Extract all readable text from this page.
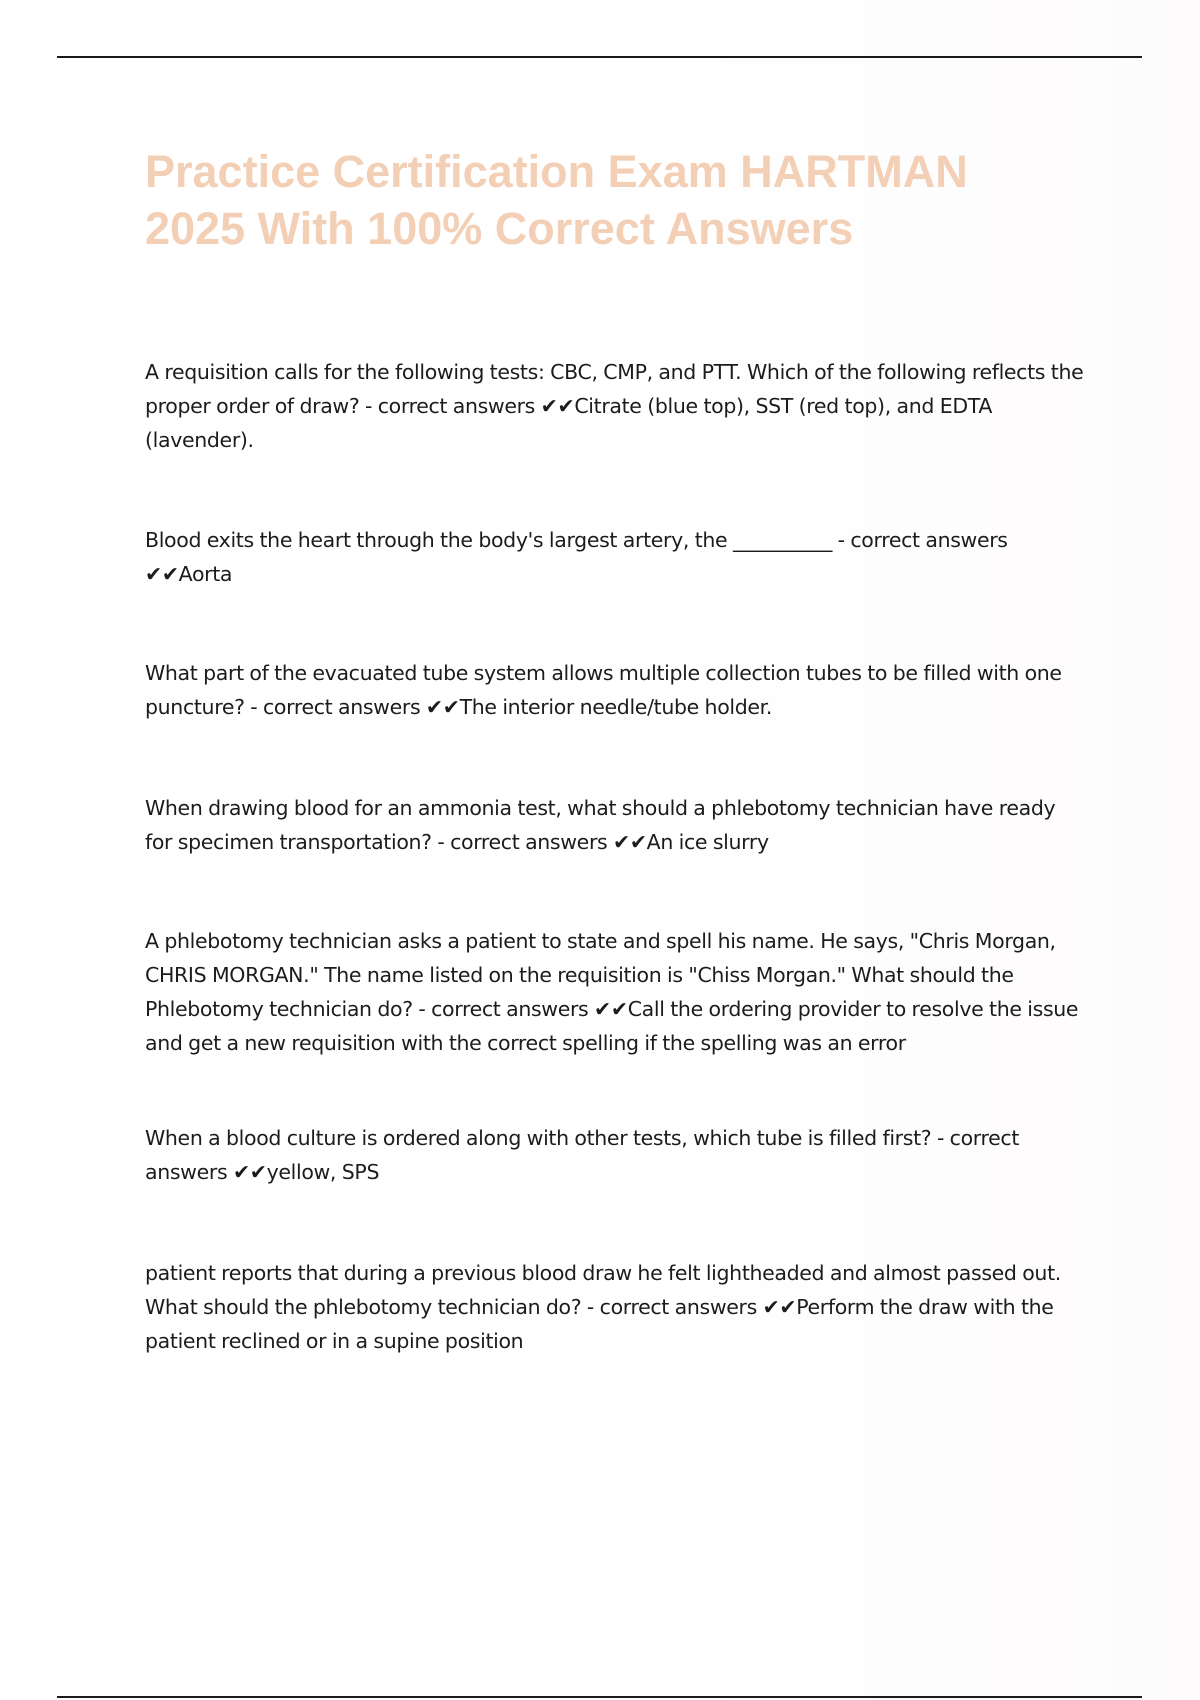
Practice Certification Exam HARTMAN 2025 With 100% Correct Answers

A requisition calls for the following tests: CBC, CMP, and PTT. Which of the following reflects the proper order of draw? - correct answers ✔✔Citrate (blue top), SST (red top), and EDTA (lavender).

Blood exits the heart through the body's largest artery, the __________ - correct answers ✔✔Aorta

What part of the evacuated tube system allows multiple collection tubes to be filled with one puncture? - correct answers ✔✔The interior needle/tube holder.

When drawing blood for an ammonia test, what should a phlebotomy technician have ready for specimen transportation? - correct answers ✔✔An ice slurry

A phlebotomy technician asks a patient to state and spell his name. He says, "Chris Morgan, CHRIS MORGAN." The name listed on the requisition is "Chiss Morgan." What should the Phlebotomy technician do? - correct answers ✔✔Call the ordering provider to resolve the issue and get a new requisition with the correct spelling if the spelling was an error

When a blood culture is ordered along with other tests, which tube is filled first? - correct answers ✔✔yellow, SPS

patient reports that during a previous blood draw he felt lightheaded and almost passed out. What should the phlebotomy technician do? - correct answers ✔✔Perform the draw with the patient reclined or in a supine position
